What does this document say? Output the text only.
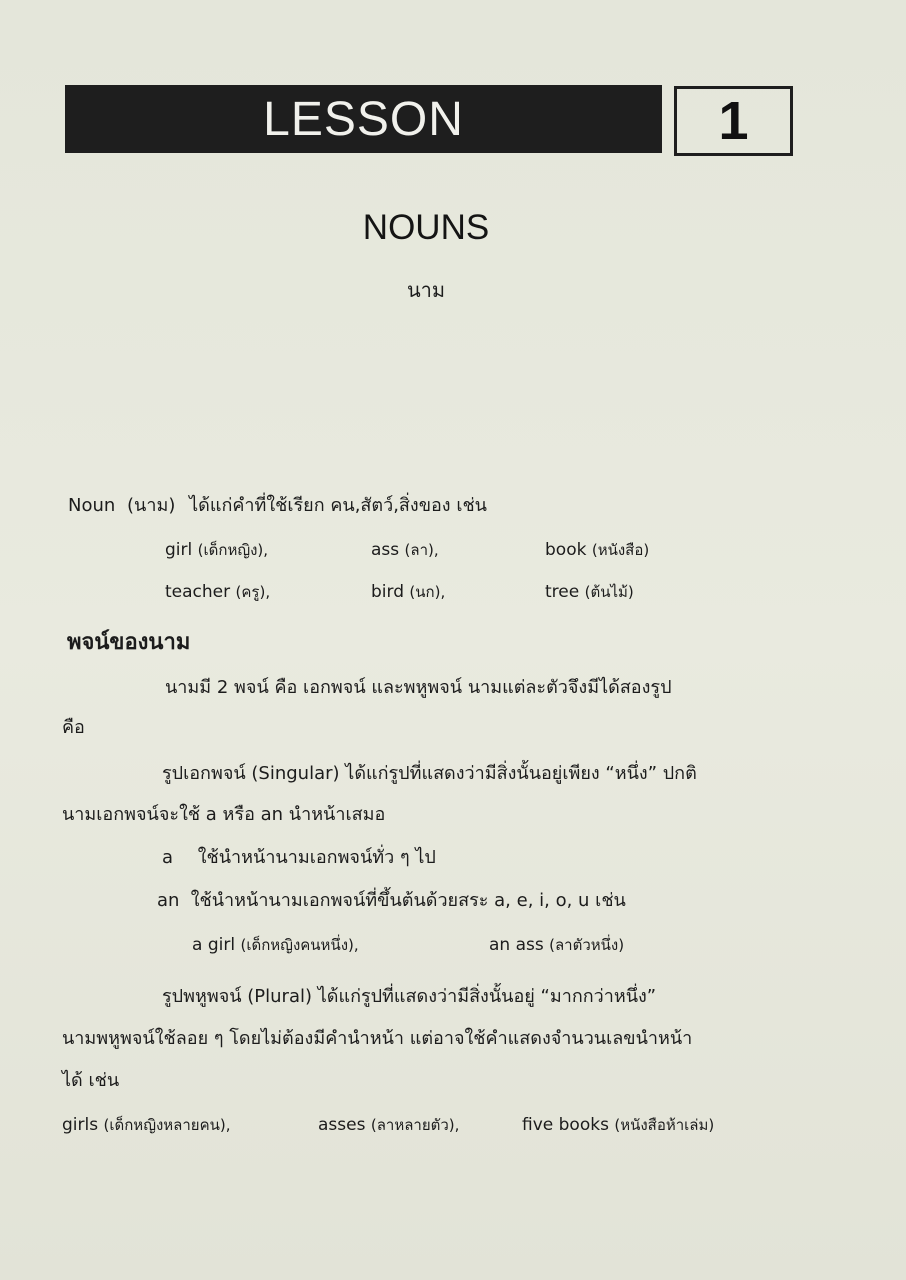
LESSON	1
NOUNS
นาม
Noun (นาม) ได้แก่คำที่ใช้เรียก คน,สัตว์,สิ่งของ เช่น
girl (เด็กหญิง),	ass (ลา),	book (หนังสือ)
teacher (ครู),	bird (นก),	tree (ต้นไม้)
พจน์ของนาม
นามมี 2 พจน์ คือ เอกพจน์ และพหูพจน์ นามแต่ละตัวจึงมีได้สองรูป
คือ
รูปเอกพจน์ (Singular) ได้แก่รูปที่แสดงว่ามีสิ่งนั้นอยู่เพียง “หนึ่ง” ปกติ
นามเอกพจน์จะใช้ a หรือ an นำหน้าเสมอ
a ใช้นำหน้านามเอกพจน์ทั่ว ๆ ไป
an ใช้นำหน้านามเอกพจน์ที่ขึ้นต้นด้วยสระ a, e, i, o, u เช่น
a girl (เด็กหญิงคนหนึ่ง),	an ass (ลาตัวหนึ่ง)
รูปพหูพจน์ (Plural) ได้แก่รูปที่แสดงว่ามีสิ่งนั้นอยู่ “มากกว่าหนึ่ง”
นามพหูพจน์ใช้ลอย ๆ โดยไม่ต้องมีคำนำหน้า แต่อาจใช้คำแสดงจำนวนเลขนำหน้า
ได้ เช่น
girls (เด็กหญิงหลายคน),	asses (ลาหลายตัว),	five books (หนังสือห้าเล่ม)
